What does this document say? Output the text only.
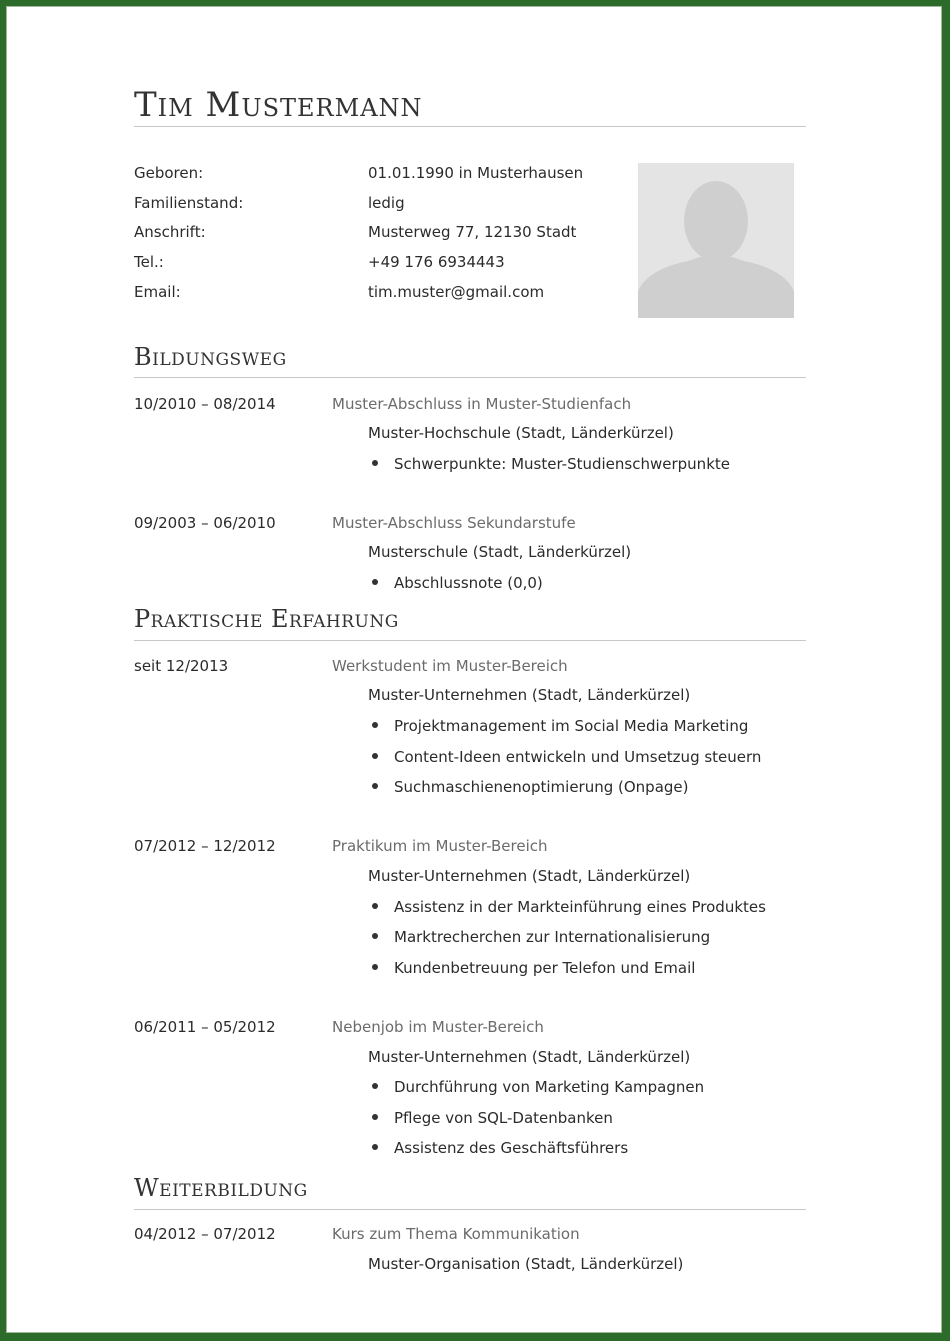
Tim Mustermann
Geboren:	01.01.1990 in Musterhausen
Familienstand:	ledig
Anschrift:	Musterweg 77, 12130 Stadt
Tel.:	+49 176 6934443
Email:	tim.muster@gmail.com
Bildungsweg
10/2010 – 08/2014	Muster-Abschluss in Muster-Studienfach
Muster-Hochschule (Stadt, Länderkürzel)
Schwerpunkte: Muster-Studienschwerpunkte
09/2003 – 06/2010	Muster-Abschluss Sekundarstufe
Musterschule (Stadt, Länderkürzel)
Abschlussnote (0,0)
Praktische Erfahrung
seit 12/2013	Werkstudent im Muster-Bereich
Muster-Unternehmen (Stadt, Länderkürzel)
Projektmanagement im Social Media Marketing
Content-Ideen entwickeln und Umsetzug steuern
Suchmaschienenoptimierung (Onpage)
07/2012 – 12/2012	Praktikum im Muster-Bereich
Muster-Unternehmen (Stadt, Länderkürzel)
Assistenz in der Markteinführung eines Produktes
Marktrecherchen zur Internationalisierung
Kundenbetreuung per Telefon und Email
06/2011 – 05/2012	Nebenjob im Muster-Bereich
Muster-Unternehmen (Stadt, Länderkürzel)
Durchführung von Marketing Kampagnen
Pflege von SQL-Datenbanken
Assistenz des Geschäftsführers
Weiterbildung
04/2012 – 07/2012	Kurs zum Thema Kommunikation
Muster-Organisation (Stadt, Länderkürzel)
